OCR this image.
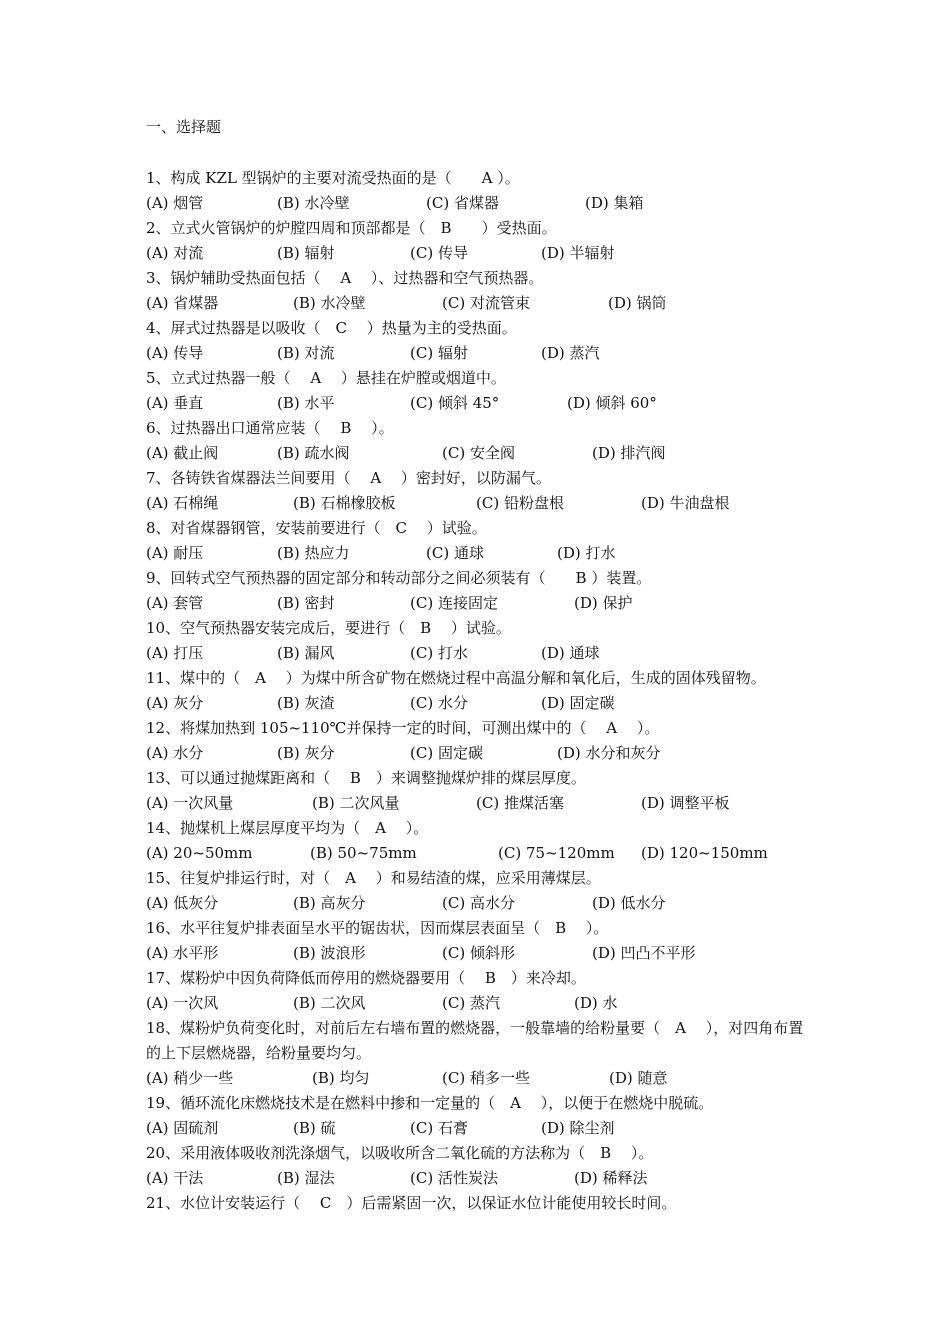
一、选择题
1、构成 KZL 型锅炉的主要对流受热面的是（　　A ）。
(A) 烟管	(B) 水冷壁	(C) 省煤器	(D) 集箱
2、立式火管锅炉的炉膛四周和顶部都是（　B　　）受热面。
(A) 对流	(B) 辐射	(C) 传导	(D) 半辐射
3、锅炉辅助受热面包括（　 A　 ）、过热器和空气预热器。
(A) 省煤器	(B) 水冷壁	(C) 对流管束	(D) 锅筒
4、屏式过热器是以吸收（　C　 ）热量为主的受热面。
(A) 传导	(B) 对流	(C) 辐射	(D) 蒸汽
5、立式过热器一般（　 A　 ）悬挂在炉膛或烟道中。
(A) 垂直	(B) 水平	(C) 倾斜 45°	(D) 倾斜 60°
6、过热器出口通常应装（　 B　 ）。
(A) 截止阀	(B) 疏水阀	(C) 安全阀	(D) 排汽阀
7、各铸铁省煤器法兰间要用（　 A　 ）密封好，以防漏气。
(A) 石棉绳	(B) 石棉橡胶板	(C) 铅粉盘根	(D) 牛油盘根
8、对省煤器钢管，安装前要进行（　C　 ）试验。
(A) 耐压	(B) 热应力	(C) 通球	(D) 打水
9、回转式空气预热器的固定部分和转动部分之间必须装有（　　B ）装置。
(A) 套管	(B) 密封	(C) 连接固定	(D) 保护
10、空气预热器安装完成后，要进行（　B　 ）试验。
(A) 打压	(B) 漏风	(C) 打水	(D) 通球
11、煤中的（　A　 ）为煤中所含矿物在燃烧过程中高温分解和氧化后，生成的固体残留物。
(A) 灰分	(B) 灰渣	(C) 水分	(D) 固定碳
12、将煤加热到 105~110℃并保持一定的时间，可测出煤中的（　 A　 ）。
(A) 水分	(B) 灰分	(C) 固定碳	(D) 水分和灰分
13、可以通过抛煤距离和（　 B　）来调整抛煤炉排的煤层厚度。
(A) 一次风量	(B) 二次风量	(C) 推煤活塞	(D) 调整平板
14、抛煤机上煤层厚度平均为（　A　 ）。
(A) 20~50mm	(B) 50~75mm	(C) 75~120mm (D) 120~150mm
15、往复炉排运行时，对（　A　 ）和易结渣的煤，应采用薄煤层。
(A) 低灰分	(B) 高灰分	(C) 高水分	(D) 低水分
16、水平往复炉排表面呈水平的锯齿状，因而煤层表面呈（　B　 ）。
(A) 水平形	(B) 波浪形	(C) 倾斜形	(D) 凹凸不平形
17、煤粉炉中因负荷降低而停用的燃烧器要用（　 B　）来冷却。
(A) 一次风	(B) 二次风	(C) 蒸汽	(D) 水
18、煤粉炉负荷变化时，对前后左右墙布置的燃烧器，一般靠墙的给粉量要（　A　 ），对四角布置的上下层燃烧器，给粉量要均匀。
(A) 稍少一些	(B) 均匀	(C) 稍多一些	(D) 随意
19、循环流化床燃烧技术是在燃料中掺和一定量的（　A　 ），以便于在燃烧中脱硫。
(A) 固硫剂	(B) 硫	(C) 石膏	(D) 除尘剂
20、采用液体吸收剂洗涤烟气，以吸收所含二氧化硫的方法称为（　B　 ）。
(A) 干法	(B) 湿法	(C) 活性炭法	(D) 稀释法
21、水位计安装运行（　 C　）后需紧固一次，以保证水位计能使用较长时间。
